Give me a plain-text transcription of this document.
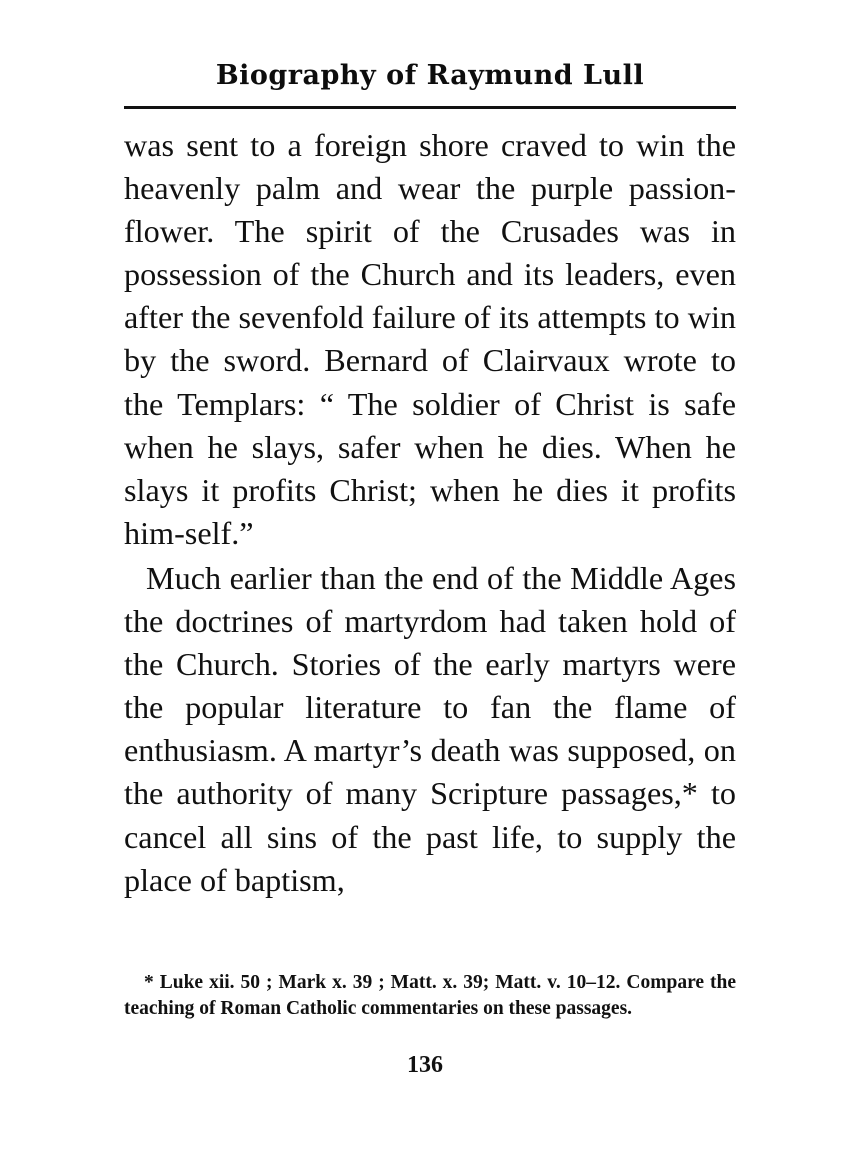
Biography of Raymund Lull

was sent to a foreign shore craved to win the heavenly palm and wear the purple passion-flower. The spirit of the Crusades was in possession of the Church and its leaders, even after the sevenfold failure of its attempts to win by the sword. Bernard of Clairvaux wrote to the Templars: “ The soldier of Christ is safe when he slays, safer when he dies. When he slays it profits Christ; when he dies it profits him-self.”

Much earlier than the end of the Middle Ages the doctrines of martyrdom had taken hold of the Church. Stories of the early martyrs were the popular literature to fan the flame of enthusiasm. A martyr’s death was supposed, on the authority of many Scripture passages,* to cancel all sins of the past life, to supply the place of baptism,

* Luke xii. 50 ; Mark x. 39 ; Matt. x. 39; Matt. v. 10–12. Compare the teaching of Roman Catholic commentaries on these passages.

136
